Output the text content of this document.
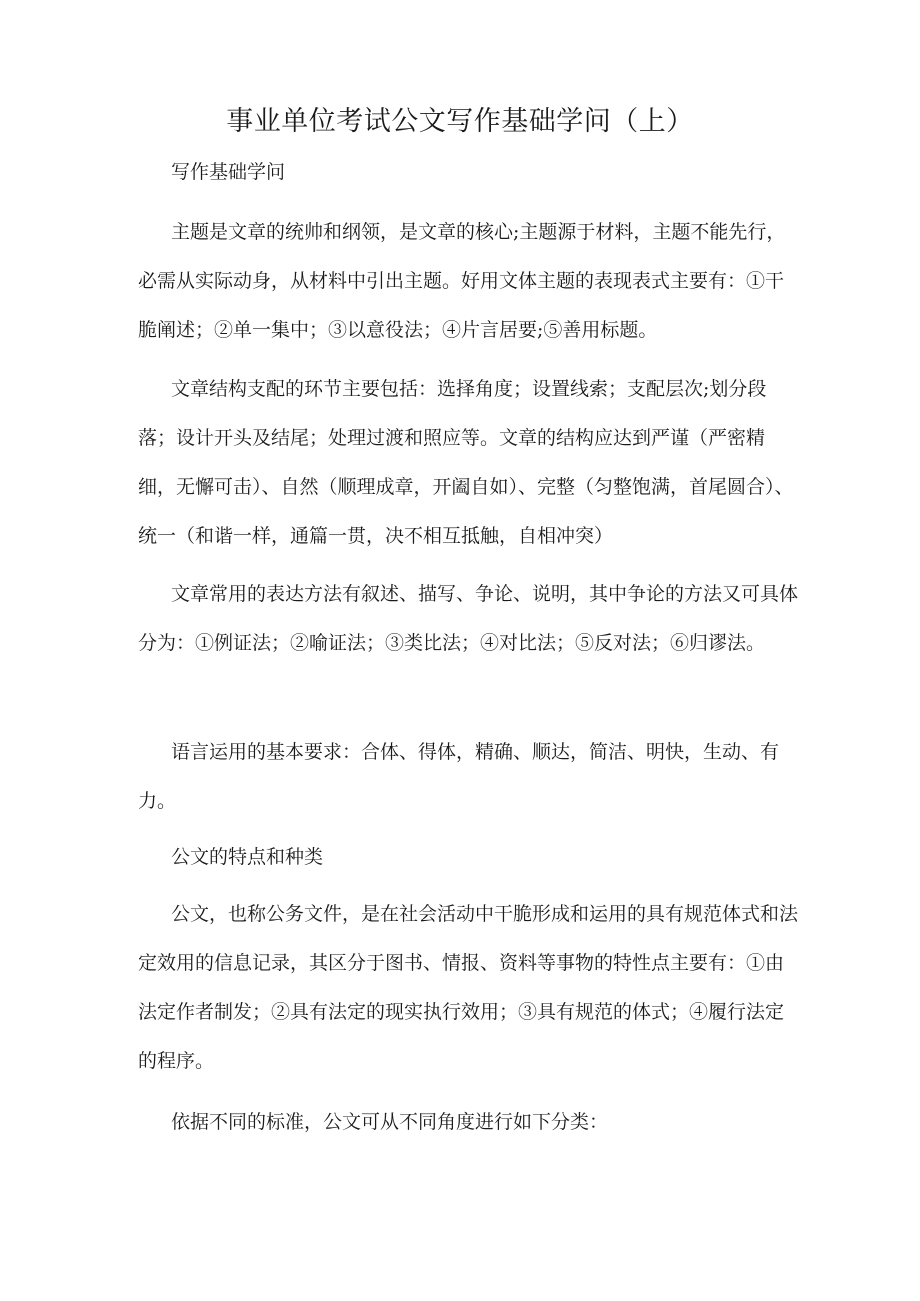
事业单位考试公文写作基础学问（上）
写作基础学问
主题是文章的统帅和纲领，是文章的核心;主题源于材料，主题不能先行，必需从实际动身，从材料中引出主题。好用文体主题的表现表式主要有：①干脆阐述；②单一集中；③以意役法；④片言居要;⑤善用标题。
文章结构支配的环节主要包括：选择角度；设置线索；支配层次;划分段落；设计开头及结尾；处理过渡和照应等。文章的结构应达到严谨（严密精细，无懈可击）、自然（顺理成章，开阖自如）、完整（匀整饱满，首尾圆合）、统一（和谐一样，通篇一贯，决不相互抵触，自相冲突）
文章常用的表达方法有叙述、描写、争论、说明，其中争论的方法又可具体分为：①例证法；②喻证法；③类比法；④对比法；⑤反对法；⑥归谬法。
语言运用的基本要求：合体、得体，精确、顺达，简洁、明快，生动、有力。
公文的特点和种类
公文，也称公务文件，是在社会活动中干脆形成和运用的具有规范体式和法定效用的信息记录，其区分于图书、情报、资料等事物的特性点主要有：①由法定作者制发；②具有法定的现实执行效用；③具有规范的体式；④履行法定的程序。
依据不同的标准，公文可从不同角度进行如下分类：
